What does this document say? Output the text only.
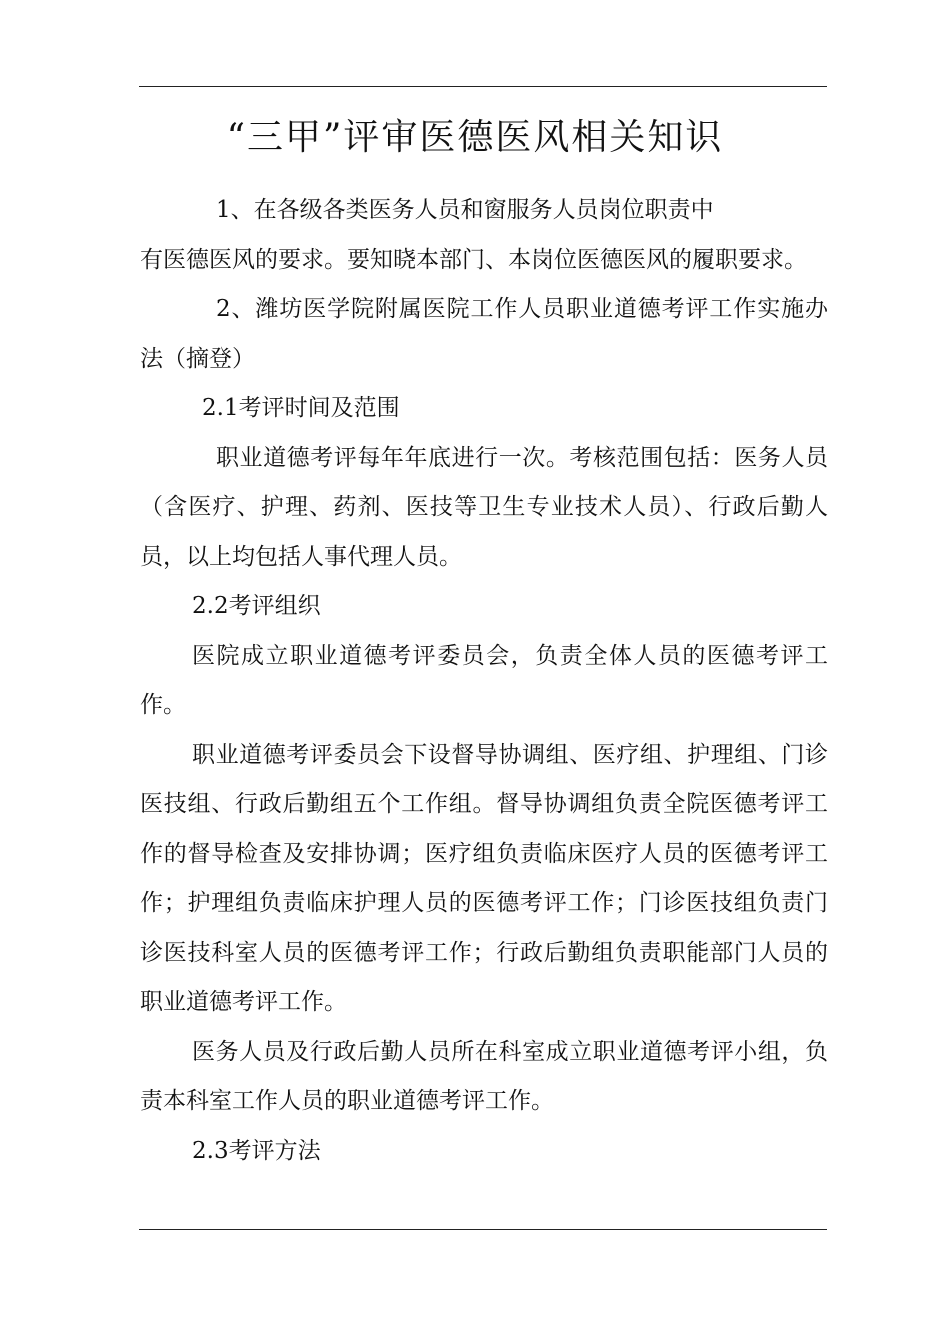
“三甲”评审医德医风相关知识

1、在各级各类医务人员和窗服务人员岗位职责中

有医德医风的要求。要知晓本部门、本岗位医德医风的履职要求。

2、潍坊医学院附属医院工作人员职业道德考评工作实施办法（摘登）

2.1考评时间及范围

职业道德考评每年年底进行一次。考核范围包括：医务人员（含医疗、护理、药剂、医技等卫生专业技术人员）、行政后勤人员，以上均包括人事代理人员。

2.2考评组织

医院成立职业道德考评委员会，负责全体人员的医德考评工作。

职业道德考评委员会下设督导协调组、医疗组、护理组、门诊医技组、行政后勤组五个工作组。督导协调组负责全院医德考评工作的督导检查及安排协调；医疗组负责临床医疗人员的医德考评工作；护理组负责临床护理人员的医德考评工作；门诊医技组负责门诊医技科室人员的医德考评工作；行政后勤组负责职能部门人员的职业道德考评工作。

医务人员及行政后勤人员所在科室成立职业道德考评小组，负责本科室工作人员的职业道德考评工作。

2.3考评方法
